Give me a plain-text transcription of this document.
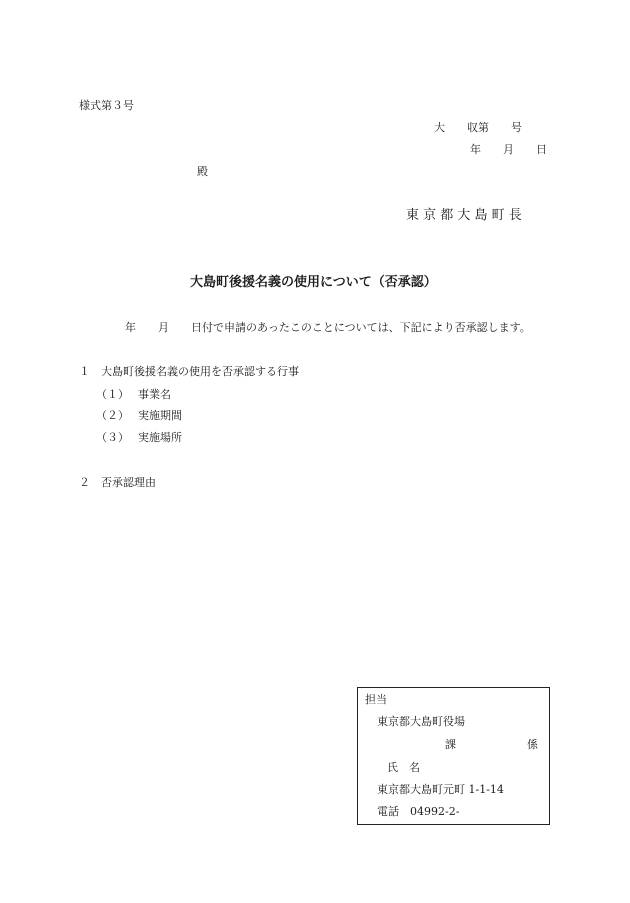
様式第３号
大　　収第　　号
年　　月　　日
殿
東 京 都 大 島 町 長
大島町後援名義の使用について（否承認）
年　　月　　日付で申請のあったこのことについては、下記により否承認します。
１　大島町後援名義の使用を否承認する行事
（１） 事業名
（２） 実施期間
（３） 実施場所
２　否承認理由
担当
東京都大島町役場
課	係
氏　名
東京都大島町元町 1-1-14
電話　04992-2-
